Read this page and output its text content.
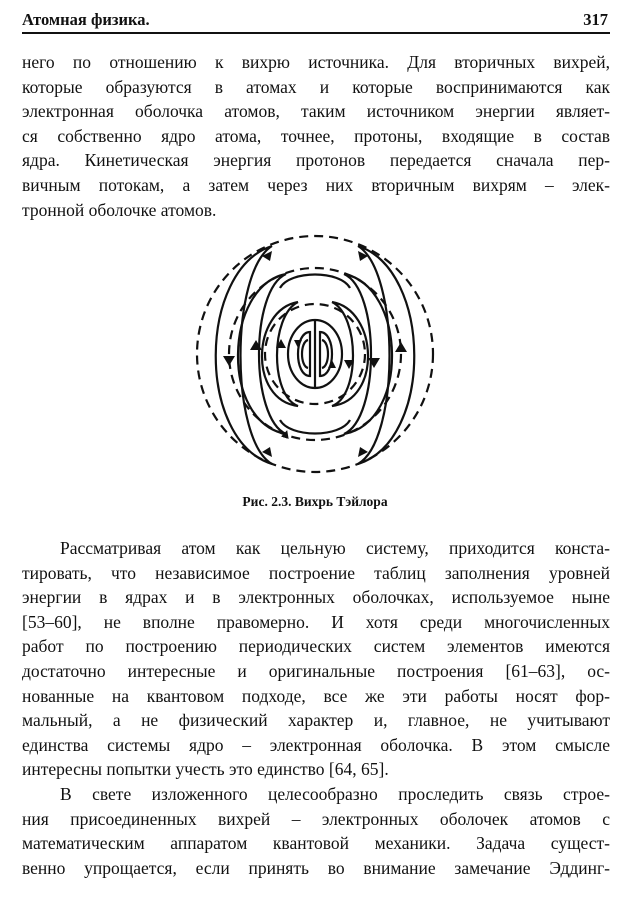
Атомная физика.	317
него по отношению к вихрю источника. Для вторичных вихрей,
которые образуются в атомах и которые воспринимаются как
электронная оболочка атомов, таким источником энергии являет-
ся собственно ядро атома, точнее, протоны, входящие в состав
ядра. Кинетическая энергия протонов передается сначала пер-
вичным потокам, а затем через них вторичным вихрям – элек-
тронной оболочке атомов.
Рис. 2.3. Вихрь Тэйлора
Рассматривая атом как цельную систему, приходится конста-
тировать, что независимое построение таблиц заполнения уровней
энергии в ядрах и в электронных оболочках, используемое ныне
[53–60], не вполне правомерно. И хотя среди многочисленных
работ по построению периодических систем элементов имеются
достаточно интересные и оригинальные построения [61–63], ос-
нованные на квантовом подходе, все же эти работы носят фор-
мальный, а не физический характер и, главное, не учитывают
единства системы ядро – электронная оболочка. В этом смысле
интересны попытки учесть это единство [64, 65].
В свете изложенного целесообразно проследить связь строе-
ния присоединенных вихрей – электронных оболочек атомов с
математическим аппаратом квантовой механики. Задача сущест-
венно упрощается, если принять во внимание замечание Эддинг-
